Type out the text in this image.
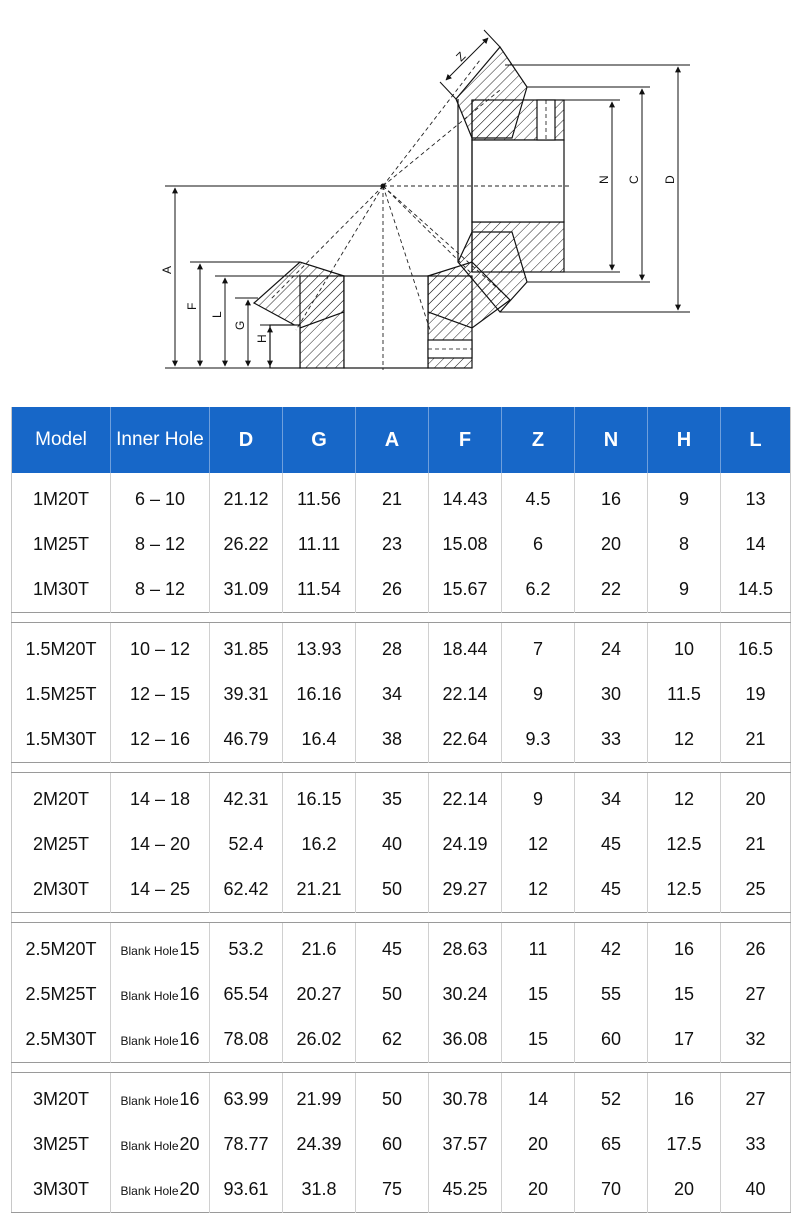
Z
N C D
A
F
L
G
H
Model	Inner Hole	D	G	A	F	Z	N	H	L
1M20T	6 – 10	21.12	11.56	21	14.43	4.5	16	9	13
1M25T	8 – 12	26.22	11.11	23	15.08	6	20	8	14
1M30T	8 – 12	31.09	11.54	26	15.67	6.2	22	9	14.5

1.5M20T	10 – 12	31.85	13.93	28	18.44	7	24	10	16.5
1.5M25T	12 – 15	39.31	16.16	34	22.14	9	30	11.5	19
1.5M30T	12 – 16	46.79	16.4	38	22.64	9.3	33	12	21

2M20T	14 – 18	42.31	16.15	35	22.14	9	34	12	20
2M25T	14 – 20	52.4	16.2	40	24.19	12	45	12.5	21
2M30T	14 – 25	62.42	21.21	50	29.27	12	45	12.5	25

2.5M20T	Blank Hole15	53.2	21.6	45	28.63	11	42	16	26
2.5M25T	Blank Hole16	65.54	20.27	50	30.24	15	55	15	27
2.5M30T	Blank Hole16	78.08	26.02	62	36.08	15	60	17	32

3M20T	Blank Hole16	63.99	21.99	50	30.78	14	52	16	27
3M25T	Blank Hole20	78.77	24.39	60	37.57	20	65	17.5	33
3M30T	Blank Hole20	93.61	31.8	75	45.25	20	70	20	40
